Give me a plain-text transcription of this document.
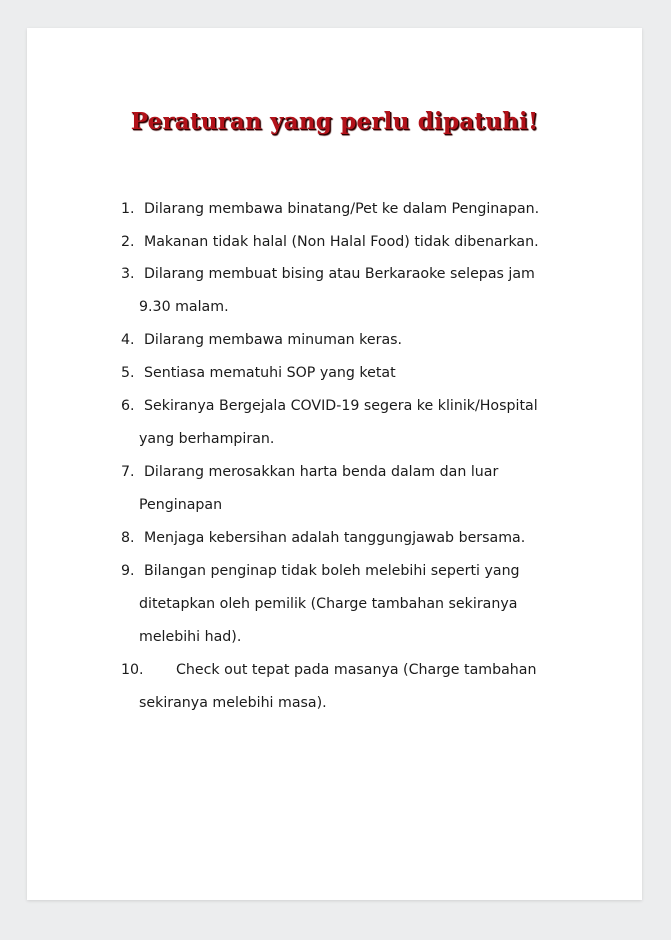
Peraturan yang perlu dipatuhi!
1. Dilarang membawa binatang/Pet ke dalam Penginapan.
2. Makanan tidak halal (Non Halal Food) tidak dibenarkan.
3. Dilarang membuat bising atau Berkaraoke selepas jam
9.30 malam.
4. Dilarang membawa minuman keras.
5. Sentiasa mematuhi SOP yang ketat
6. Sekiranya Bergejala COVID-19 segera ke klinik/Hospital
yang berhampiran.
7. Dilarang merosakkan harta benda dalam dan luar
Penginapan
8. Menjaga kebersihan adalah tanggungjawab bersama.
9. Bilangan penginap tidak boleh melebihi seperti yang
ditetapkan oleh pemilik (Charge tambahan sekiranya
melebihi had).
10. Check out tepat pada masanya (Charge tambahan
sekiranya melebihi masa).
